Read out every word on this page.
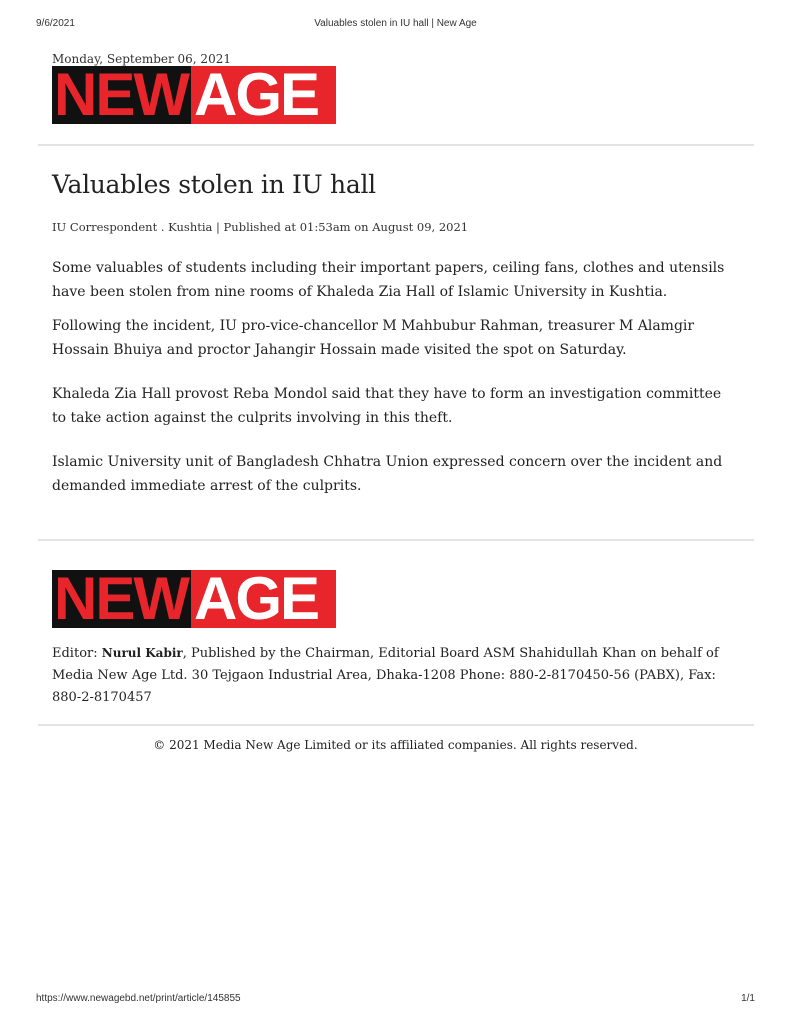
9/6/2021	Valuables stolen in IU hall | New Age
Monday, September 06, 2021
NEW AGE
Valuables stolen in IU hall
IU Correspondent . Kushtia | Published at 01:53am on August 09, 2021

Some valuables of students including their important papers, ceiling fans, clothes and utensils have been stolen from nine rooms of Khaleda Zia Hall of Islamic University in Kushtia.

Following the incident, IU pro-vice-chancellor M Mahbubur Rahman, treasurer M Alamgir Hossain Bhuiya and proctor Jahangir Hossain made visited the spot on Saturday.

Khaleda Zia Hall provost Reba Mondol said that they have to form an investigation committee to take action against the culprits involving in this theft.

Islamic University unit of Bangladesh Chhatra Union expressed concern over the incident and demanded immediate arrest of the culprits.

NEW AGE
Editor: Nurul Kabir, Published by the Chairman, Editorial Board ASM Shahidullah Khan on behalf of Media New Age Ltd. 30 Tejgaon Industrial Area, Dhaka-1208 Phone: 880-2-8170450-56 (PABX), Fax: 880-2-8170457
© 2021 Media New Age Limited or its affiliated companies. All rights reserved.
https://www.newagebd.net/print/article/145855	1/1
